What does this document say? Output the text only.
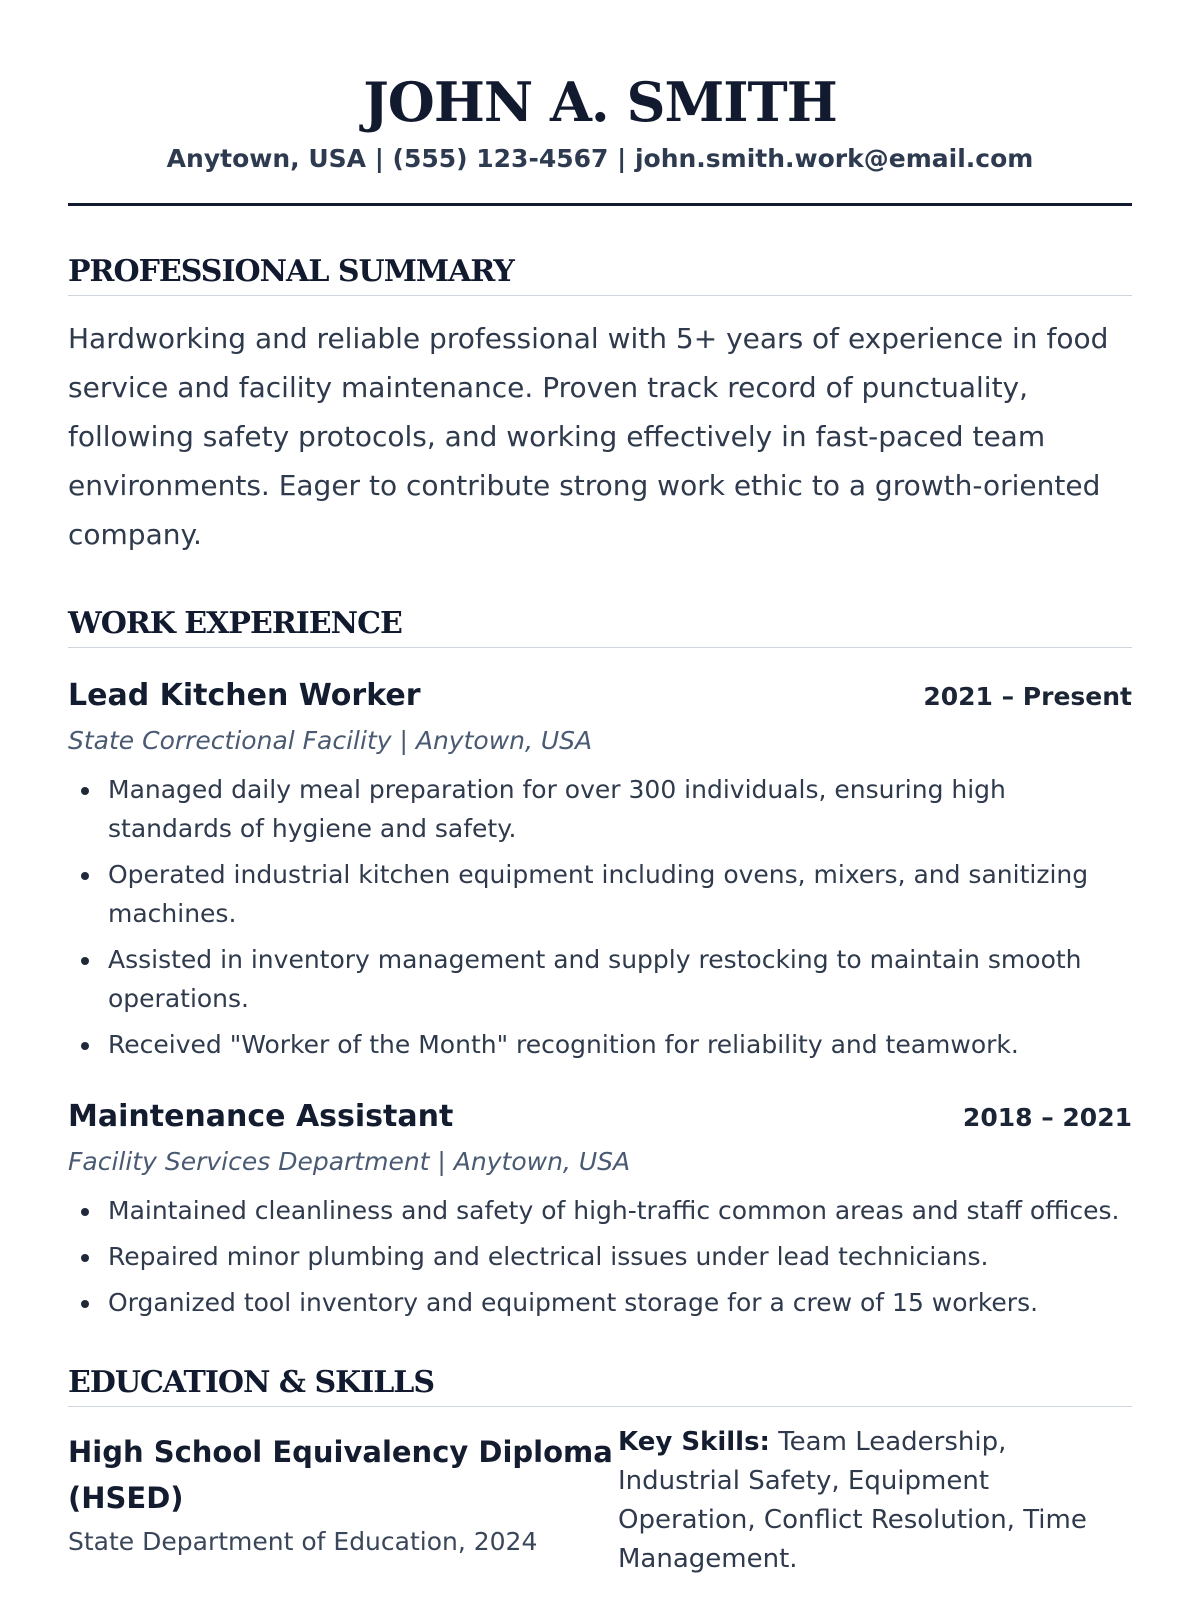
JOHN A. SMITH
Anytown, USA | (555) 123-4567 | john.smith.work@email.com
PROFESSIONAL SUMMARY
Hardworking and reliable professional with 5+ years of experience in food service and facility maintenance. Proven track record of punctuality, following safety protocols, and working effectively in fast-paced team environments. Eager to contribute strong work ethic to a growth-oriented company.
WORK EXPERIENCE
Lead Kitchen Worker	2021 – Present
State Correctional Facility | Anytown, USA
Managed daily meal preparation for over 300 individuals, ensuring high standards of hygiene and safety.
Operated industrial kitchen equipment including ovens, mixers, and sanitizing machines.
Assisted in inventory management and supply restocking to maintain smooth operations.
Received "Worker of the Month" recognition for reliability and teamwork.
Maintenance Assistant	2018 – 2021
Facility Services Department | Anytown, USA
Maintained cleanliness and safety of high-traffic common areas and staff offices.
Repaired minor plumbing and electrical issues under lead technicians.
Organized tool inventory and equipment storage for a crew of 15 workers.
EDUCATION & SKILLS
High School Equivalency Diploma (HSED)
State Department of Education, 2024
Key Skills: Team Leadership, Industrial Safety, Equipment Operation, Conflict Resolution, Time Management.
